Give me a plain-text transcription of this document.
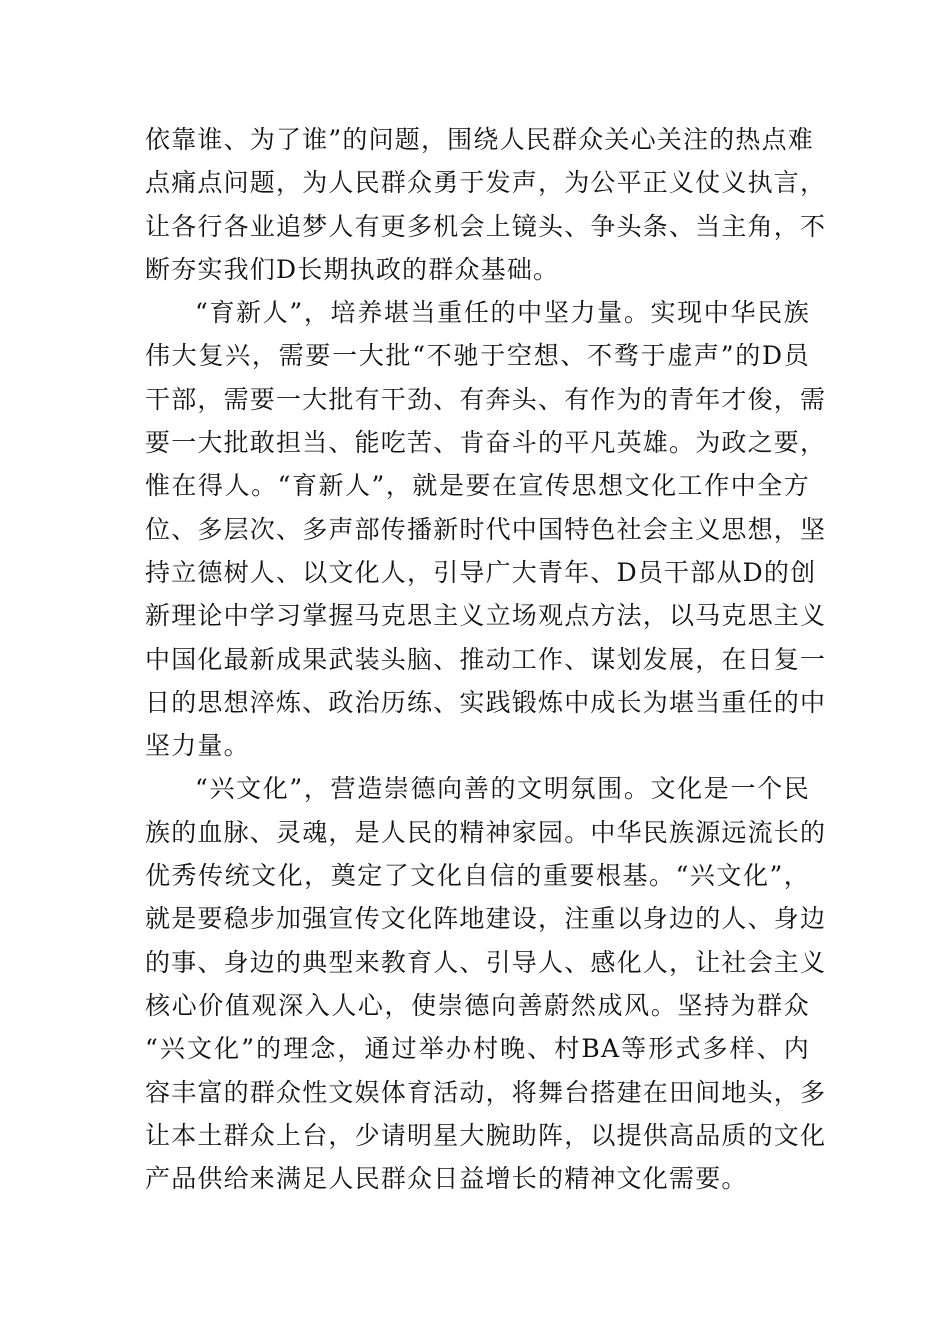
依靠谁、为了谁”的问题，围绕人民群众关心关注的热点难
点痛点问题，为人民群众勇于发声，为公平正义仗义执言，
让各行各业追梦人有更多机会上镜头、争头条、当主角，不
断夯实我们D长期执政的群众基础。
“育新人”，培养堪当重任的中坚力量。实现中华民族
伟大复兴，需要一大批“不驰于空想、不骛于虚声”的D员
干部，需要一大批有干劲、有奔头、有作为的青年才俊，需
要一大批敢担当、能吃苦、肯奋斗的平凡英雄。为政之要，
惟在得人。“育新人”，就是要在宣传思想文化工作中全方
位、多层次、多声部传播新时代中国特色社会主义思想，坚
持立德树人、以文化人，引导广大青年、D员干部从D的创
新理论中学习掌握马克思主义立场观点方法，以马克思主义
中国化最新成果武装头脑、推动工作、谋划发展，在日复一
日的思想淬炼、政治历练、实践锻炼中成长为堪当重任的中
坚力量。
“兴文化”，营造崇德向善的文明氛围。文化是一个民
族的血脉、灵魂，是人民的精神家园。中华民族源远流长的
优秀传统文化，奠定了文化自信的重要根基。“兴文化”，
就是要稳步加强宣传文化阵地建设，注重以身边的人、身边
的事、身边的典型来教育人、引导人、感化人，让社会主义
核心价值观深入人心，使崇德向善蔚然成风。坚持为群众
“兴文化”的理念，通过举办村晚、村BA等形式多样、内
容丰富的群众性文娱体育活动，将舞台搭建在田间地头，多
让本土群众上台，少请明星大腕助阵，以提供高品质的文化
产品供给来满足人民群众日益增长的精神文化需要。
